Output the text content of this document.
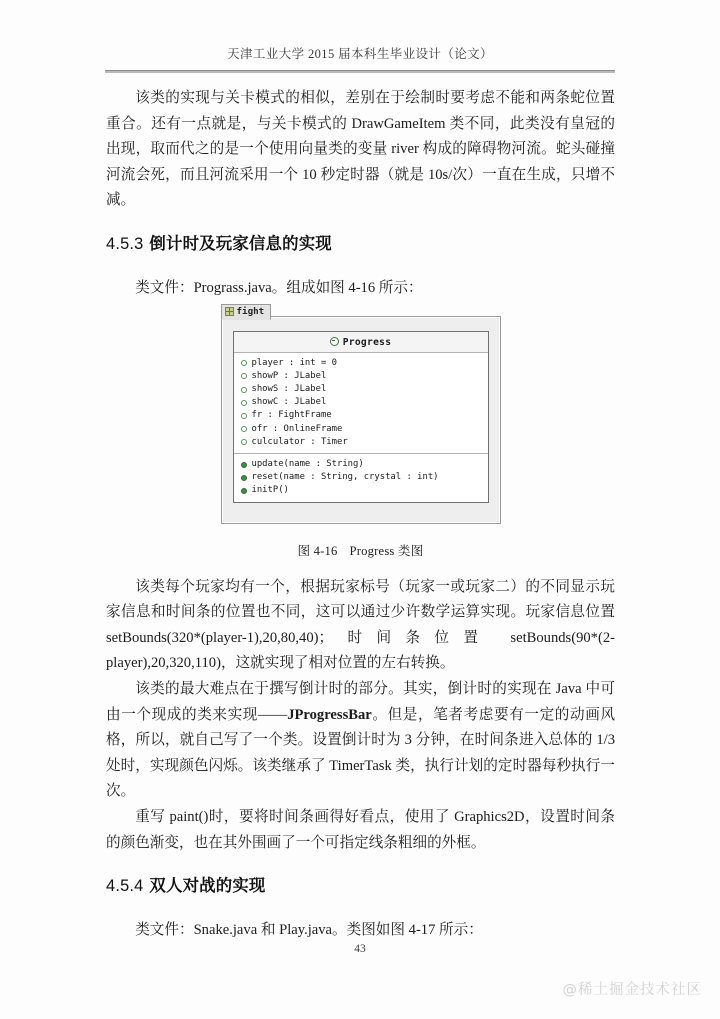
天津工业大学 2015 届本科生毕业设计（论文）

该类的实现与关卡模式的相似，差别在于绘制时要考虑不能和两条蛇位置重合。还有一点就是，与关卡模式的 DrawGameItem 类不同，此类没有皇冠的出现，取而代之的是一个使用向量类的变量 river 构成的障碍物河流。蛇头碰撞河流会死，而且河流采用一个 10 秒定时器（就是 10s/次）一直在生成，只增不减。

4.5.3 倒计时及玩家信息的实现

类文件：Prograss.java。组成如图 4-16 所示：

fight
Progress
player : int = 0
showP : JLabel
showS : JLabel
showC : JLabel
fr : FightFrame
ofr : OnlineFrame
culculator : Timer
update(name : String)
reset(name : String, crystal : int)
initP()
图 4-16 Progress 类图

该类每个玩家均有一个，根据玩家标号（玩家一或玩家二）的不同显示玩家信息和时间条的位置也不同，这可以通过少许数学运算实现。玩家信息位置 setBounds(320*(player-1),20,80,40)；时间条位置 setBounds(90*(2-player),20,320,110)，这就实现了相对位置的左右转换。

该类的最大难点在于撰写倒计时的部分。其实，倒计时的实现在 Java 中可由一个现成的类来实现——JProgressBar。但是，笔者考虑要有一定的动画风格，所以，就自己写了一个类。设置倒计时为 3 分钟，在时间条进入总体的 1/3 处时，实现颜色闪烁。该类继承了 TimerTask 类，执行计划的定时器每秒执行一次。

重写 paint()时，要将时间条画得好看点，使用了 Graphics2D，设置时间条的颜色渐变，也在其外围画了一个可指定线条粗细的外框。

4.5.4 双人对战的实现

类文件：Snake.java 和 Play.java。类图如图 4-17 所示：

43
@稀土掘金技术社区
